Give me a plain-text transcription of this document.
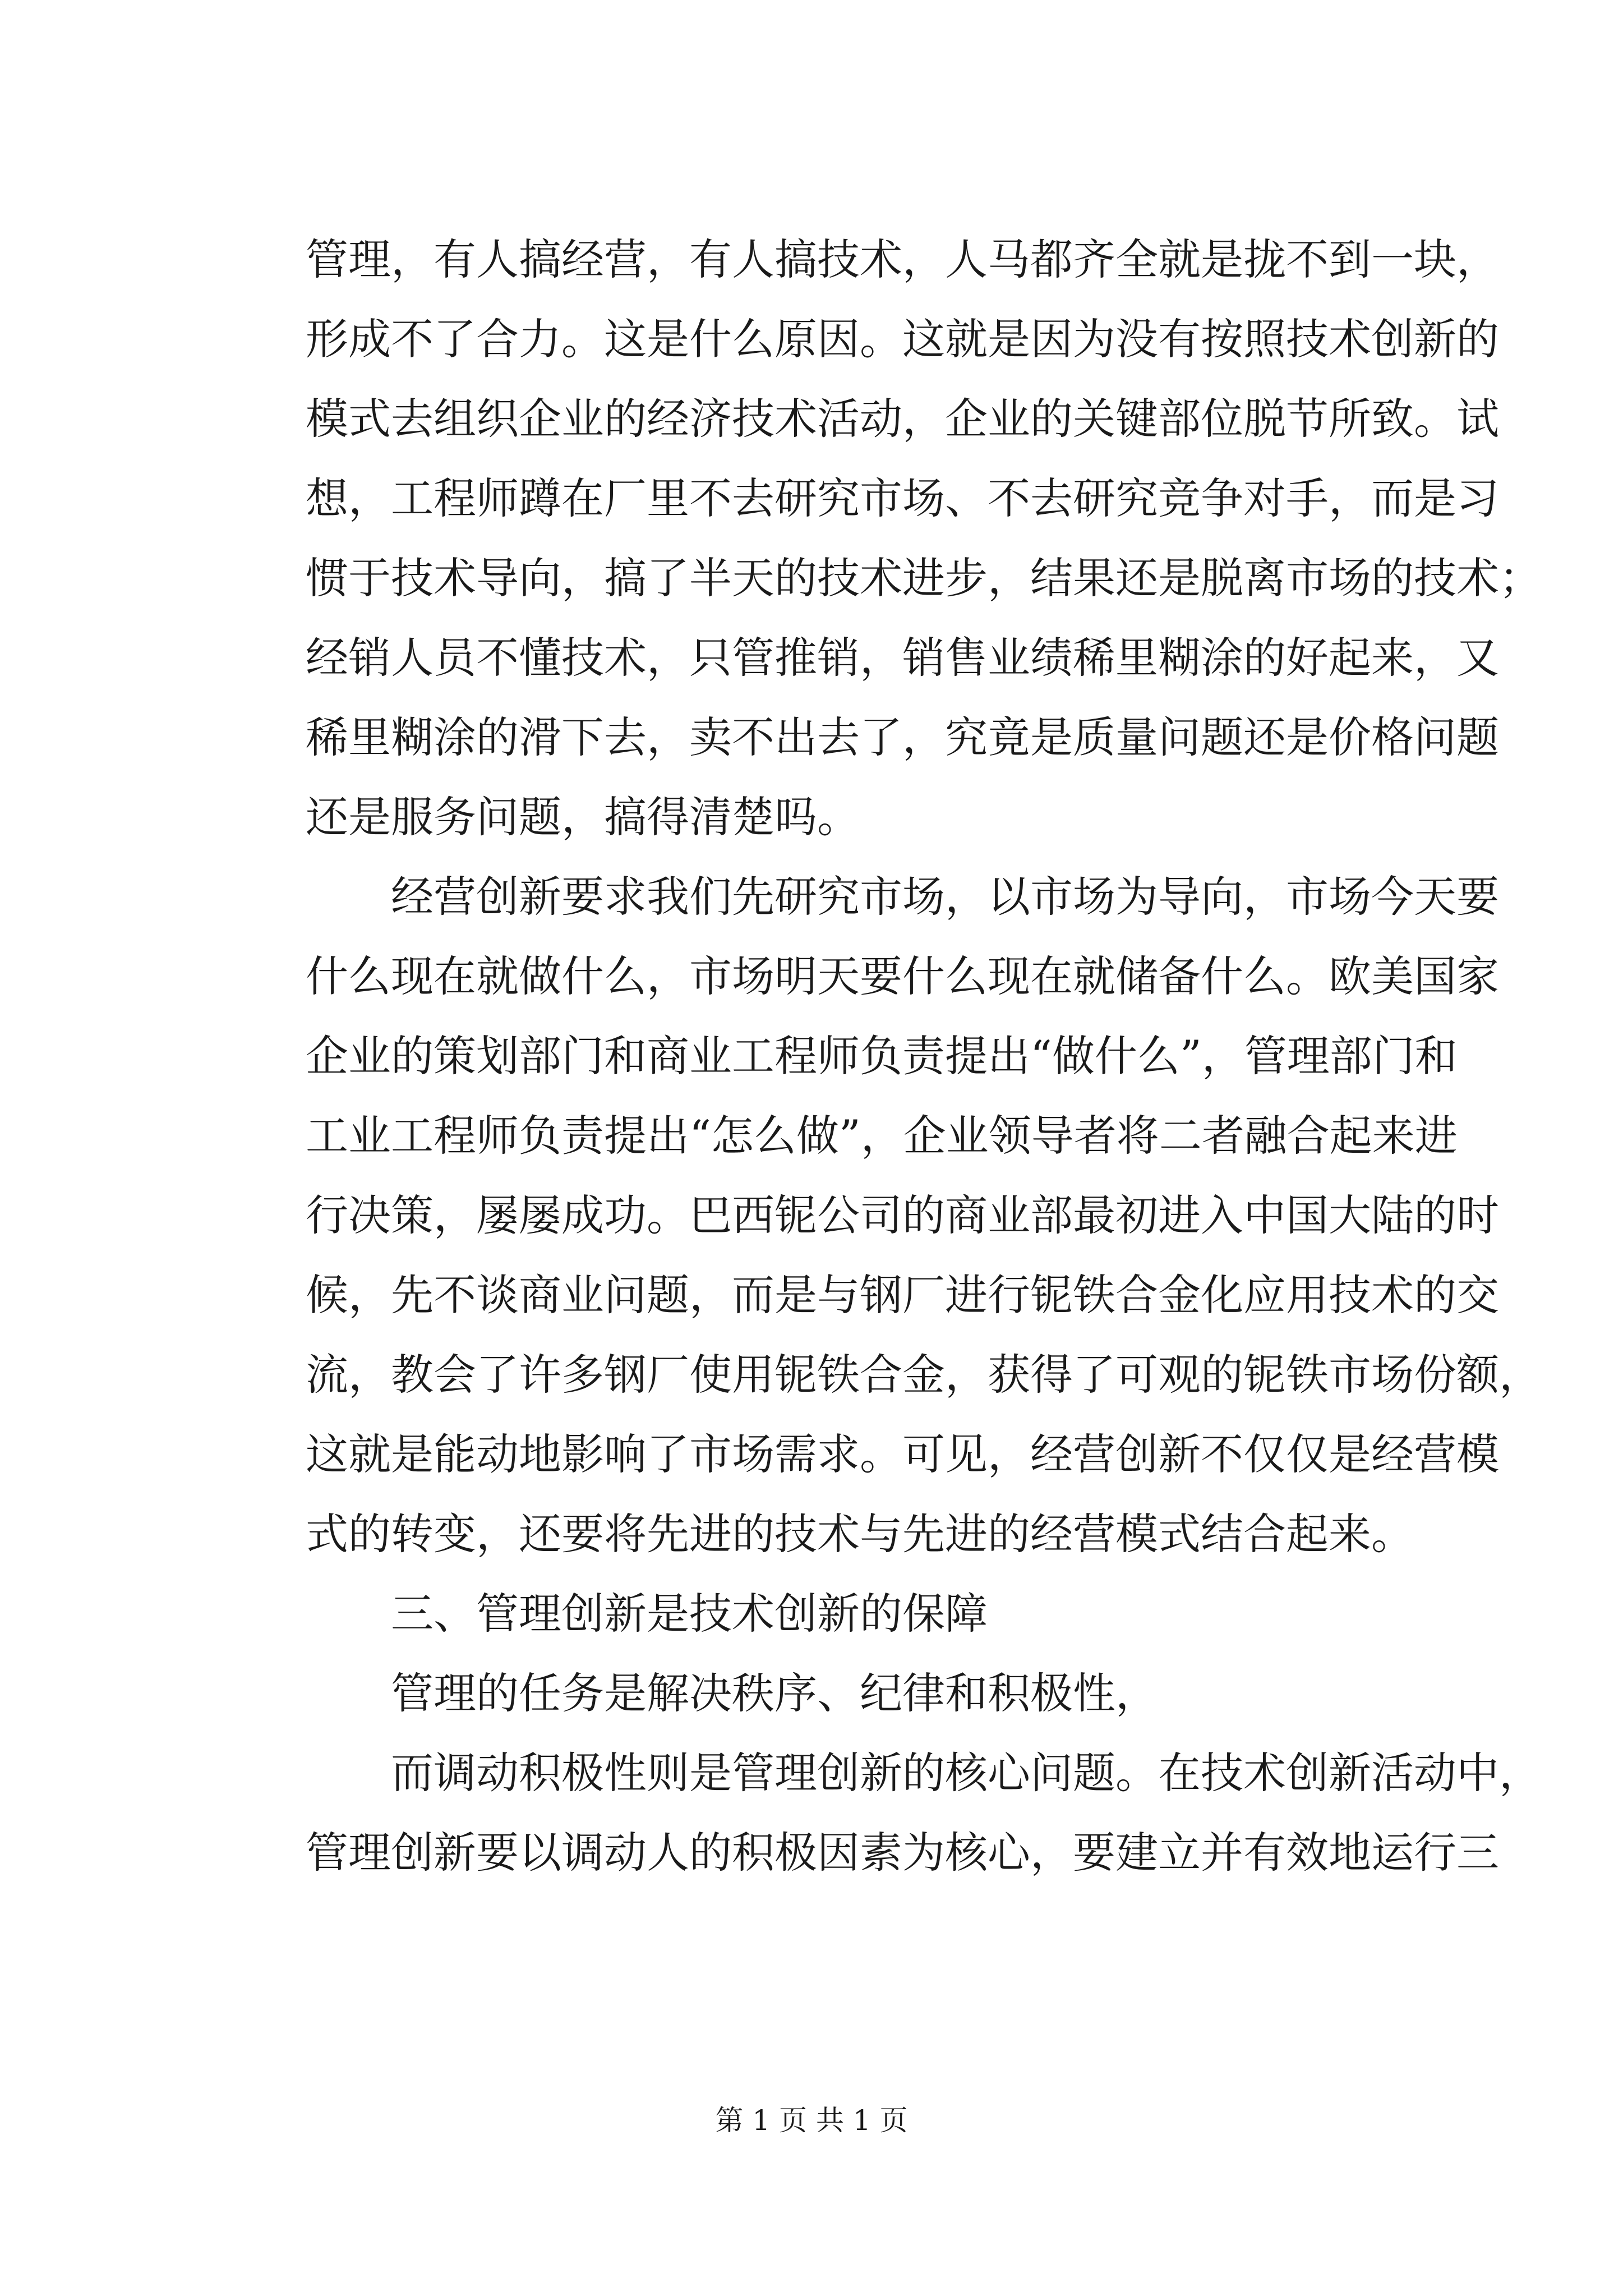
管理，有人搞经营，有人搞技术，人马都齐全就是拢不到一块，
形成不了合力。这是什么原因。这就是因为没有按照技术创新的
模式去组织企业的经济技术活动，企业的关键部位脱节所致。试
想，工程师蹲在厂里不去研究市场、不去研究竞争对手，而是习
惯于技术导向，搞了半天的技术进步，结果还是脱离市场的技术；
经销人员不懂技术，只管推销，销售业绩稀里糊涂的好起来，又
稀里糊涂的滑下去，卖不出去了，究竟是质量问题还是价格问题
还是服务问题，搞得清楚吗。
经营创新要求我们先研究市场，以市场为导向，市场今天要
什么现在就做什么，市场明天要什么现在就储备什么。欧美国家
企业的策划部门和商业工程师负责提出“做什么”，管理部门和
工业工程师负责提出“怎么做”，企业领导者将二者融合起来进
行决策，屡屡成功。巴西铌公司的商业部最初进入中国大陆的时
候，先不谈商业问题，而是与钢厂进行铌铁合金化应用技术的交
流，教会了许多钢厂使用铌铁合金，获得了可观的铌铁市场份额，
这就是能动地影响了市场需求。可见，经营创新不仅仅是经营模
式的转变，还要将先进的技术与先进的经营模式结合起来。
三、管理创新是技术创新的保障
管理的任务是解决秩序、纪律和积极性，
而调动积极性则是管理创新的核心问题。在技术创新活动中，
管理创新要以调动人的积极因素为核心，要建立并有效地运行三
第 1 页 共 1 页
